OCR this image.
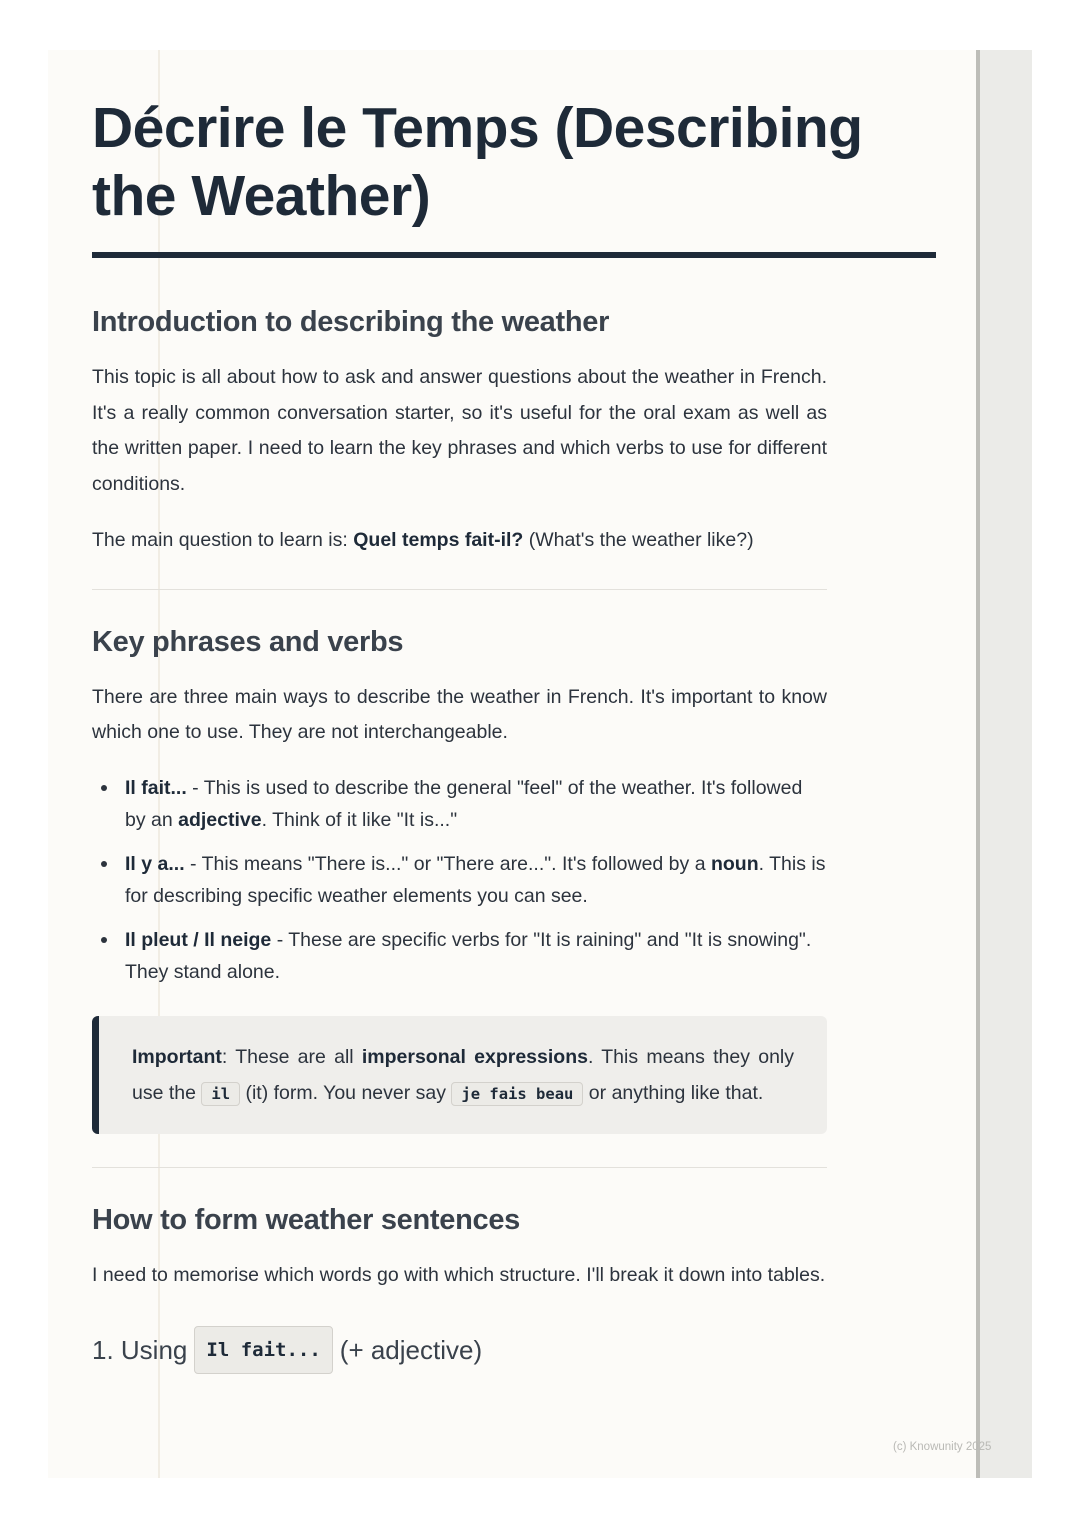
Décrire le Temps (Describing the Weather)
Introduction to describing the weather

This topic is all about how to ask and answer questions about the weather in French. It's a really common conversation starter, so it's useful for the oral exam as well as the written paper. I need to learn the key phrases and which verbs to use for different conditions.

The main question to learn is: Quel temps fait-il? (What's the weather like?)

Key phrases and verbs

There are three main ways to describe the weather in French. It's important to know which one to use. They are not interchangeable.

Il fait... - This is used to describe the general "feel" of the weather. It's followed by an adjective. Think of it like "It is..."
Il y a... - This means "There is..." or "There are...". It's followed by a noun. This is for describing specific weather elements you can see.
Il pleut / Il neige - These are specific verbs for "It is raining" and "It is snowing". They stand alone.

Important: These are all impersonal expressions. This means they only use the il (it) form. You never say je fais beau or anything like that.

How to form weather sentences

I need to memorise which words go with which structure. I'll break it down into tables.

1. Using	Il fait... (+ adjective)
(c) Knowunity 2025
